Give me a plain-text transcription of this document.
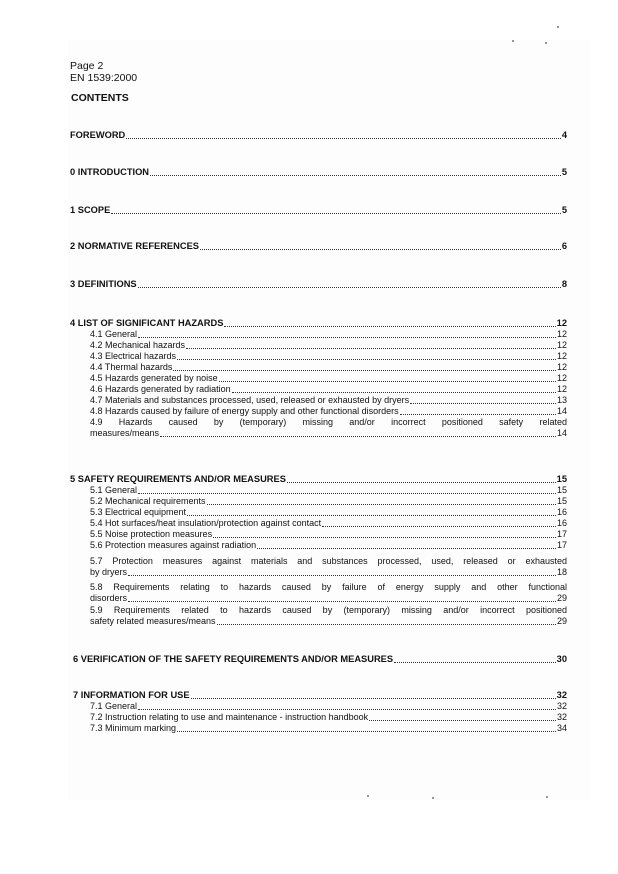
Page 2
EN 1539:2000
CONTENTS
FOREWORD	4
0 INTRODUCTION	5
1 SCOPE	5
2 NORMATIVE REFERENCES	6
3 DEFINITIONS	8
4 LIST OF SIGNIFICANT HAZARDS	12
4.1 General	12
4.2 Mechanical hazards	12
4.3 Electrical hazards	12
4.4 Thermal hazards	12
4.5 Hazards generated by noise	12
4.6 Hazards generated by radiation	12
4.7 Materials and substances processed, used, released or exhausted by dryers	13
4.8 Hazards caused by failure of energy supply and other functional disorders	14
4.9 Hazards caused by (temporary) missing and/or incorrect positioned safety related
measures/means	14
5 SAFETY REQUIREMENTS AND/OR MEASURES	15
5.1 General	15
5.2 Mechanical requirements	15
5.3 Electrical equipment	16
5.4 Hot surfaces/heat insulation/protection against contact	16
5.5 Noise protection measures	17
5.6 Protection measures against radiation	17
5.7 Protection measures against materials and substances processed, used, released or exhausted
by dryers	18
5.8 Requirements relating to hazards caused by failure of energy supply and other functional
disorders	29
5.9 Requirements related to hazards caused by (temporary) missing and/or incorrect positioned
safety related measures/means	29
6 VERIFICATION OF THE SAFETY REQUIREMENTS AND/OR MEASURES	30
7 INFORMATION FOR USE	32
7.1 General	32
7.2 Instruction relating to use and maintenance - instruction handbook	32
7.3 Minimum marking	34
